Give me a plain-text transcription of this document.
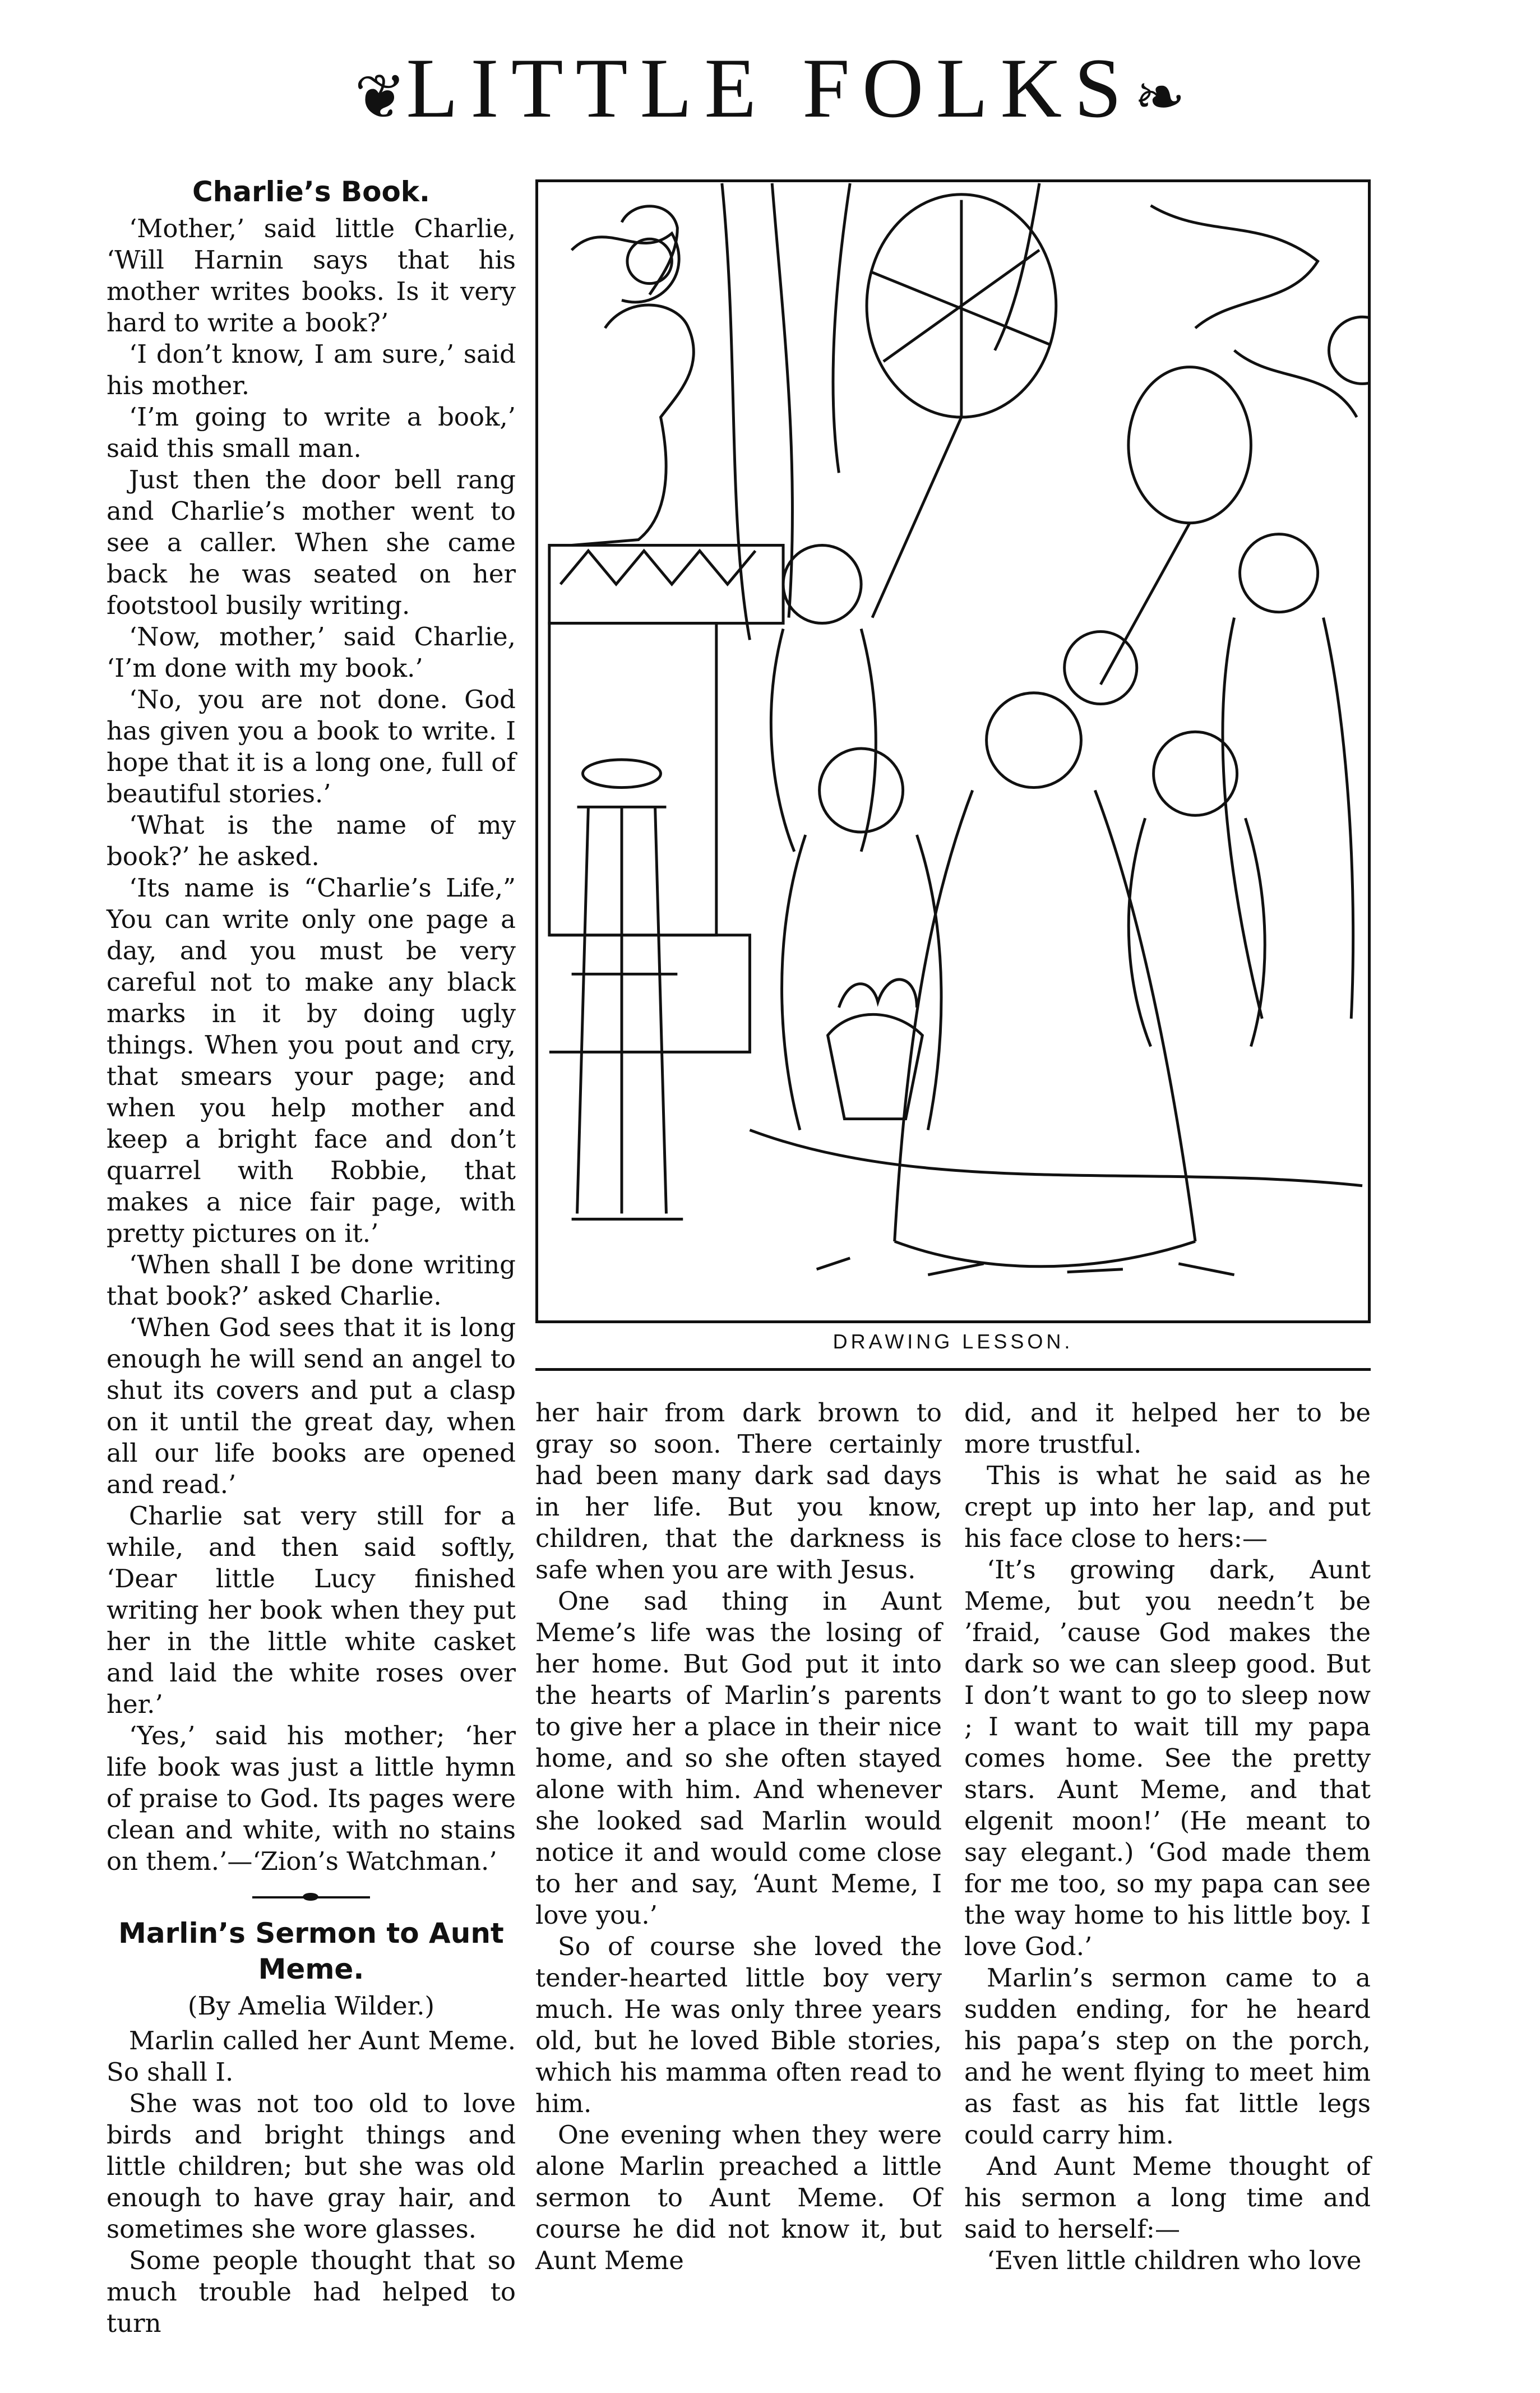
❦LITTLE FOLKS❧
Charlie’s Book.

‘Mother,’ said little Charlie, ‘Will Harnin says that his mother writes books. Is it very hard to write a book?’

‘I don’t know, I am sure,’ said his mother.

‘I’m going to write a book,’ said this small man.

Just then the door bell rang and Charlie’s mother went to see a caller. When she came back he was seated on her footstool busily writing.

‘Now, mother,’ said Charlie, ‘I’m done with my book.’

‘No, you are not done. God has given you a book to write. I hope that it is a long one, full of beautiful stories.’

‘What is the name of my book?’ he asked.

‘Its name is “Charlie’s Life,” You can write only one page a day, and you must be very careful not to make any black marks in it by doing ugly things. When you pout and cry, that smears your page; and when you help mother and keep a bright face and don’t quarrel with Robbie, that makes a nice fair page, with pretty pictures on it.’

‘When shall I be done writing that book?’ asked Charlie.

‘When God sees that it is long enough he will send an angel to shut its covers and put a clasp on it until the great day, when all our life books are opened and read.’

Charlie sat very still for a while, and then said softly, ‘Dear little Lucy finished writing her book when they put her in the little white casket and laid the white roses over her.’

‘Yes,’ said his mother; ‘her life book was just a little hymn of praise to God. Its pages were clean and white, with no stains on them.’—‘Zion’s Watchman.’

Marlin’s Sermon to Aunt Meme.
(By Amelia Wilder.)

Marlin called her Aunt Meme. So shall I.

She was not too old to love birds and bright things and little children; but she was old enough to have gray hair, and sometimes she wore glasses.

Some people thought that so much trouble had helped to turn

DRAWING LESSON.

her hair from dark brown to gray so soon. There certainly had been many dark sad days in her life. But you know, children, that the darkness is safe when you are with Jesus.

One sad thing in Aunt Meme’s life was the losing of her home. But God put it into the hearts of Marlin’s parents to give her a place in their nice home, and so she often stayed alone with him. And whenever she looked sad Marlin would notice it and would come close to her and say, ‘Aunt Meme, I love you.’

So of course she loved the tender-hearted little boy very much. He was only three years old, but he loved Bible stories, which his mamma often read to him.

One evening when they were alone Marlin preached a little sermon to Aunt Meme. Of course he did not know it, but Aunt Meme

did, and it helped her to be more trustful.

This is what he said as he crept up into her lap, and put his face close to hers:—

‘It’s growing dark, Aunt Meme, but you needn’t be ’fraid, ’cause God makes the dark so we can sleep good. But I don’t want to go to sleep now ; I want to wait till my papa comes home. See the pretty stars. Aunt Meme, and that elgenit moon!’ (He meant to say elegant.) ‘God made them for me too, so my papa can see the way home to his little boy. I love God.’

Marlin’s sermon came to a sudden ending, for he heard his papa’s step on the porch, and he went flying to meet him as fast as his fat little legs could carry him.

And Aunt Meme thought of his sermon a long time and said to herself:—

‘Even little children who love
